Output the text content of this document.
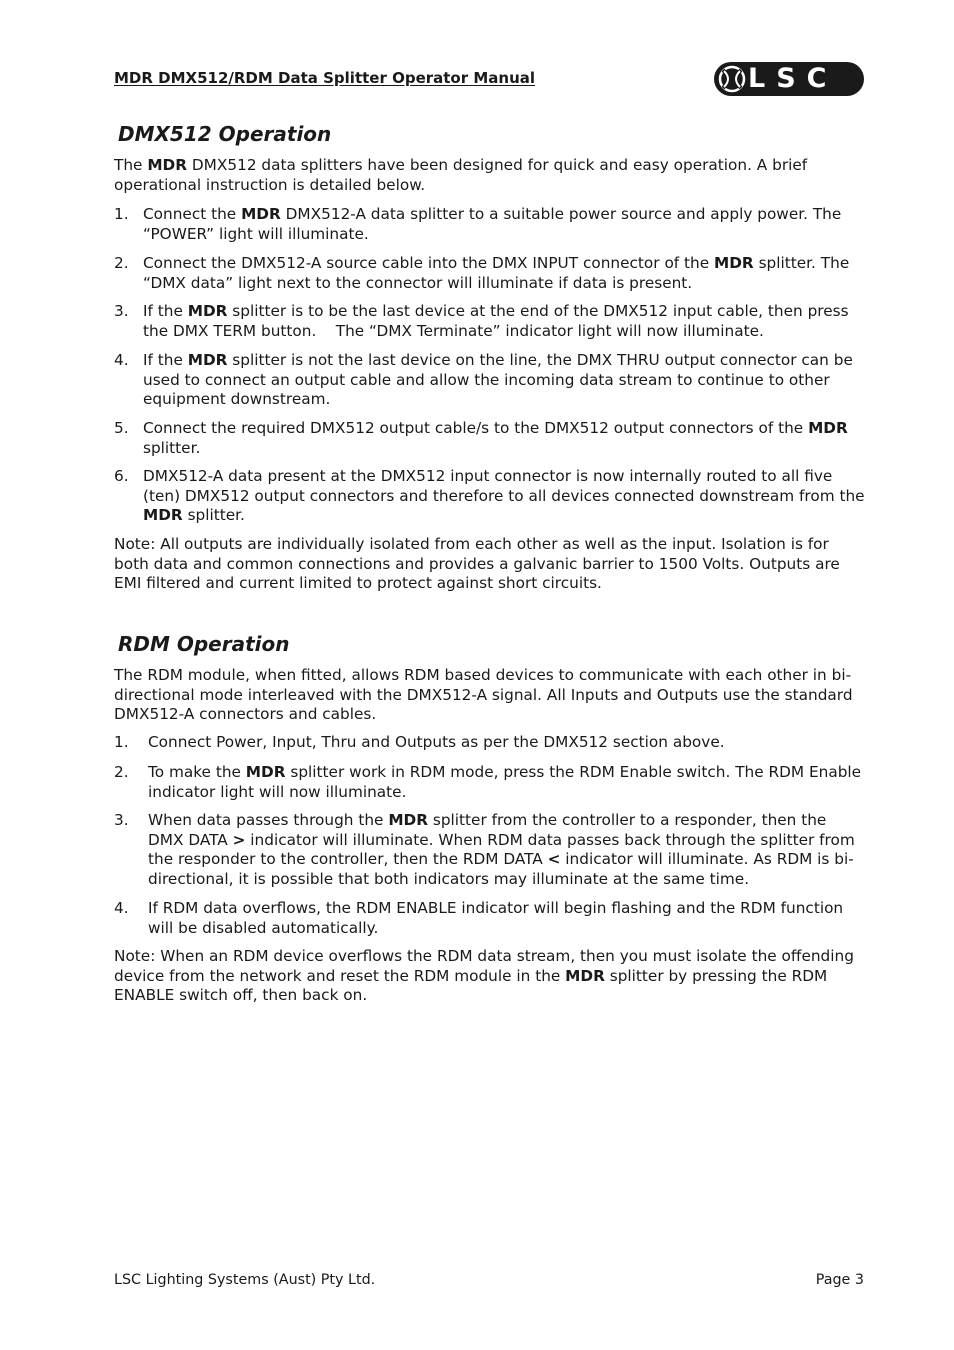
MDR DMX512/RDM Data Splitter Operator Manual	LSC
DMX512 Operation

The MDR DMX512 data splitters have been designed for quick and easy operation. A brief operational instruction is detailed below.

1. Connect the MDR DMX512-A data splitter to a suitable power source and apply power. The “POWER” light will illuminate.
2. Connect the DMX512-A source cable into the DMX INPUT connector of the MDR splitter. The “DMX data” light next to the connector will illuminate if data is present.
3. If the MDR splitter is to be the last device at the end of the DMX512 input cable, then press the DMX TERM button.    The “DMX Terminate” indicator light will now illuminate.
4. If the MDR splitter is not the last device on the line, the DMX THRU output connector can be used to connect an output cable and allow the incoming data stream to continue to other equipment downstream.
5. Connect the required DMX512 output cable/s to the DMX512 output connectors of the MDR splitter.
6. DMX512-A data present at the DMX512 input connector is now internally routed to all five (ten) DMX512 output connectors and therefore to all devices connected downstream from the MDR splitter.

Note: All outputs are individually isolated from each other as well as the input. Isolation is for both data and common connections and provides a galvanic barrier to 1500 Volts. Outputs are EMI filtered and current limited to protect against short circuits.

RDM Operation

The RDM module, when fitted, allows RDM based devices to communicate with each other in bi-directional mode interleaved with the DMX512-A signal. All Inputs and Outputs use the standard DMX512-A connectors and cables.

1. Connect Power, Input, Thru and Outputs as per the DMX512 section above.
2. To make the MDR splitter work in RDM mode, press the RDM Enable switch. The RDM Enable indicator light will now illuminate.
3. When data passes through the MDR splitter from the controller to a responder, then the DMX DATA > indicator will illuminate. When RDM data passes back through the splitter from the responder to the controller, then the RDM DATA < indicator will illuminate. As RDM is bi-directional, it is possible that both indicators may illuminate at the same time.
4. If RDM data overflows, the RDM ENABLE indicator will begin flashing and the RDM function will be disabled automatically.

Note: When an RDM device overflows the RDM data stream, then you must isolate the offending device from the network and reset the RDM module in the MDR splitter by pressing the RDM ENABLE switch off, then back on.

LSC Lighting Systems (Aust) Pty Ltd.	Page 3
